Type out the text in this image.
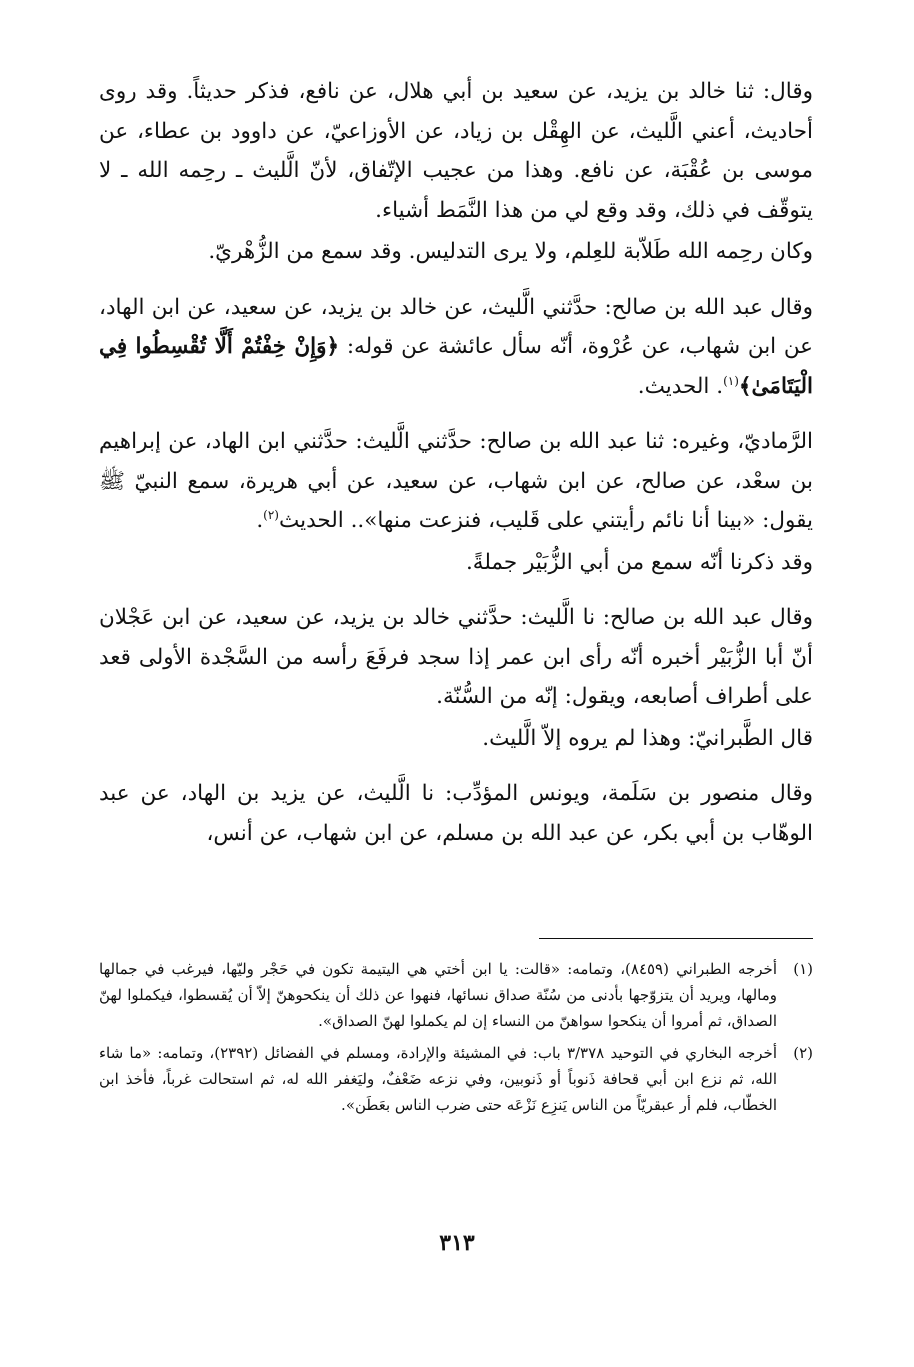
وقال: ثنا خالد بن يزيد، عن سعيد بن أبي هلال، عن نافع، فذكر حديثاً. وقد روى أحاديث، أعني الَّليث، عن الهِقْل بن زياد، عن الأوزاعيّ، عن داوود بن عطاء، عن موسى بن عُقْبَة، عن نافع. وهذا من عجيب الإتّفاق، لأنّ الَّليث ـ رحِمه الله ـ لا يتوقّف في ذلك، وقد وقع لي من هذا النَّمَط أشياء.

وكان رحِمه الله طَلاّبة للعِلم، ولا يرى التدليس. وقد سمع من الزُّهْريّ.

وقال عبد الله بن صالح: حدَّثني الَّليث، عن خالد بن يزيد، عن سعيد، عن ابن الهاد، عن ابن شهاب، عن عُرْوة، أنّه سأل عائشة عن قوله: ﴿وَإِنْ خِفْتُمْ أَلَّا تُقْسِطُوا فِي الْيَتَامَىٰ﴾$^{(١)}$. الحديث.

الرَّماديّ، وغيره: ثنا عبد الله بن صالح: حدَّثني الَّليث: حدَّثني ابن الهاد، عن إبراهيم بن سعْد، عن صالح، عن ابن شهاب، عن سعيد، عن أبي هريرة، سمع النبيّ ﷺ يقول: «بينا أنا نائم رأيتني على قَليب، فنزعت منها».. الحديث$^{(٢)}$.

وقد ذكرنا أنّه سمع من أبي الزُّبَيْر جملةً.

وقال عبد الله بن صالح: نا الَّليث: حدَّثني خالد بن يزيد، عن سعيد، عن ابن عَجْلان أنّ أبا الزُّبَيْر أخبره أنّه رأى ابن عمر إذا سجد فرفَعَ رأسه من السَّجْدة الأولى قعد على أطراف أصابعه، ويقول: إنّه من السُّنّة.

قال الطَّبرانيّ: وهذا لم يروه إلاّ الَّليث.

وقال منصور بن سَلَمة، ويونس المؤدِّب: نا الَّليث، عن يزيد بن الهاد، عن عبد الوهّاب بن أبي بكر، عن عبد الله بن مسلم، عن ابن شهاب، عن أنس،

(١)
أخرجه الطبراني (٨٤٥٩)، وتمامه: «قالت: يا ابن أختي هي اليتيمة تكون في حَجْر وليّها، فيرغب في جمالها ومالها، ويريد أن يتزوّجها بأدنى من سُنّة صداق نسائها، فنهوا عن ذلك أن ينكحوهنّ إلاّ أن يُقسطوا، فيكملوا لهنّ الصداق، ثم أمروا أن ينكحوا سواهنّ من النساء إن لم يكملوا لهنّ الصداق».
(٢)
أخرجه البخاري في التوحيد ٣/٣٧٨ باب: في المشيئة والإرادة، ومسلم في الفضائل (٢٣٩٢)، وتمامه: «ما شاء الله، ثم نزع ابن أبي قحافة ذَنوباً أو ذَنوبين، وفي نزعه ضَعْفٌ، وليَغفر الله له، ثم استحالت غرباً، فأخذ ابن الخطّاب، فلم أر عبقريّاً من الناس يَنزِع نَزْعَه حتى ضرب الناس بعَطَن».
٣١٣
